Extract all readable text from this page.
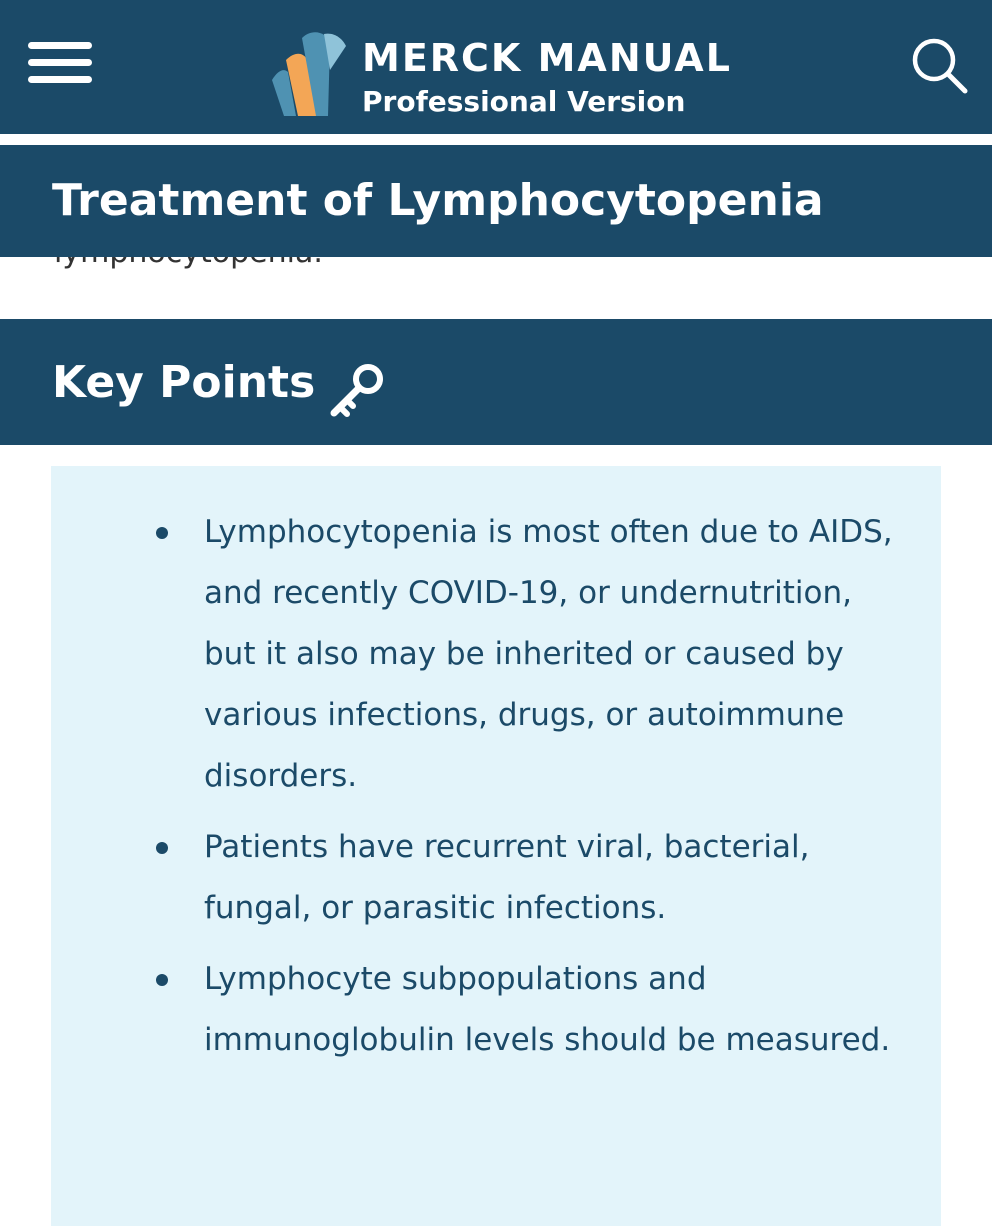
MERCK MANUAL
Professional Version
Treatment of Lymphocytopenia
Key Points
Lymphocytopenia is most often due to AIDS, and recently COVID-19, or undernutrition, but it also may be inherited or caused by various infections, drugs, or autoimmune disorders.
Patients have recurrent viral, bacterial, fungal, or parasitic infections.
Lymphocyte subpopulations and immunoglobulin levels should be measured.
